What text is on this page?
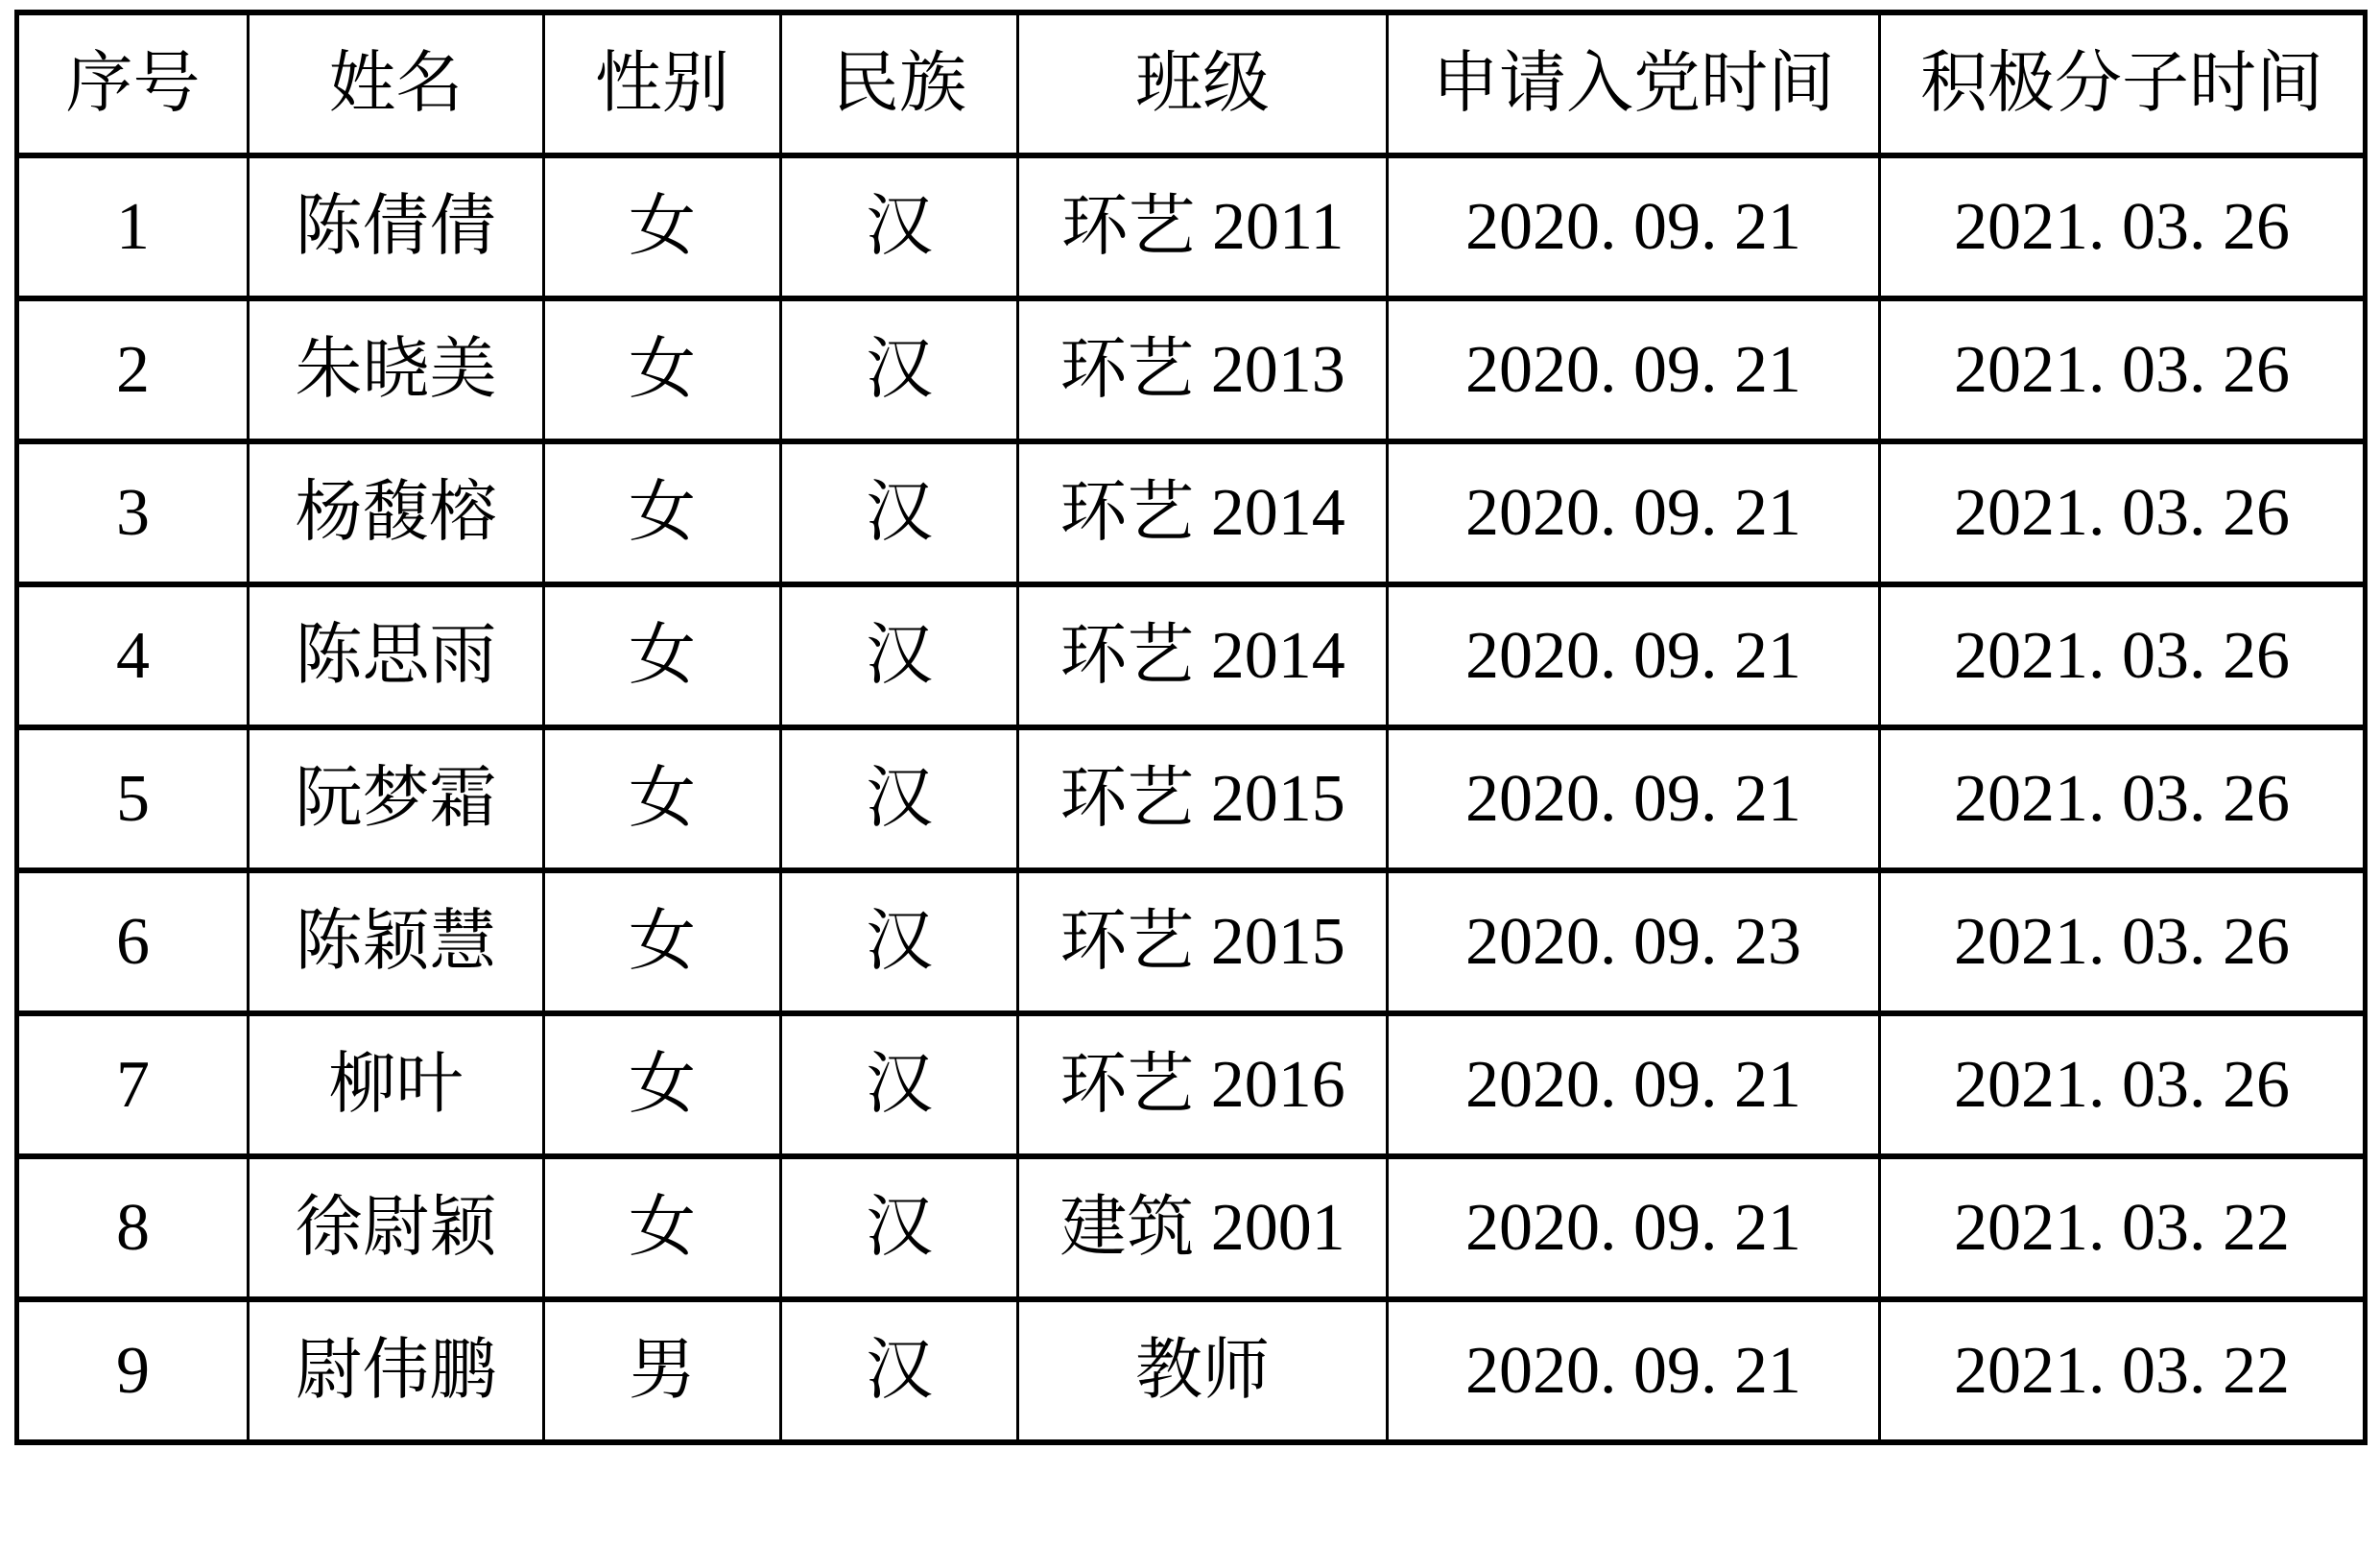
序号	姓名	性别	民族	班级	申请入党时间	积极分子时间
1	陈倩倩	女	汉	环艺 2011	2020. 09. 21	2021. 03. 26
2	朱晓美	女	汉	环艺 2013	2020. 09. 21	2021. 03. 26
3	杨馥榕	女	汉	环艺 2014	2020. 09. 21	2021. 03. 26
4	陈思雨	女	汉	环艺 2014	2020. 09. 21	2021. 03. 26
5	阮梦霜	女	汉	环艺 2015	2020. 09. 21	2021. 03. 26
6	陈颖慧	女	汉	环艺 2015	2020. 09. 23	2021. 03. 26
7	柳叶	女	汉	环艺 2016	2020. 09. 21	2021. 03. 26
8	徐尉颖	女	汉	建筑 2001	2020. 09. 21	2021. 03. 22
9	尉伟鹏	男	汉	教师	2020. 09. 21	2021. 03. 22
